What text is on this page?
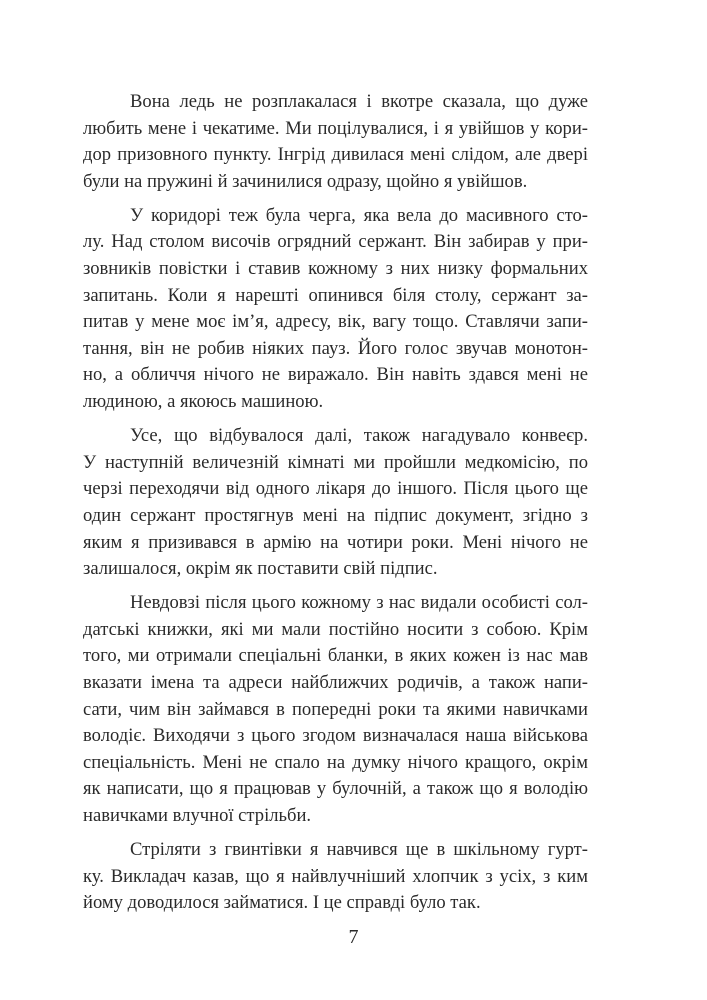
Вона ледь не розплакалася і вкотре сказала, що дуже
любить мене і чекатиме. Ми поцілувалися, і я увійшов у кори-
дор призовного пункту. Інгрід дивилася мені слідом, але двері
були на пружині й зачинилися одразу, щойно я увійшов.
У коридорі теж була черга, яка вела до масивного сто-
лу. Над столом височів огрядний сержант. Він забирав у при-
зовників повістки і ставив кожному з них низку формальних
запитань. Коли я нарешті опинився біля столу, сержант за-
питав у мене моє ім’я, адресу, вік, вагу тощо. Ставлячи запи-
тання, він не робив ніяких пауз. Його голос звучав монотон-
но, а обличчя нічого не виражало. Він навіть здався мені не
людиною, а якоюсь машиною.
Усе, що відбувалося далі, також нагадувало конвеєр.
У наступній величезній кімнаті ми пройшли медкомісію, по
черзі переходячи від одного лікаря до іншого. Після цього ще
один сержант простягнув мені на підпис документ, згідно з
яким я призивався в армію на чотири роки. Мені нічого не
залишалося, окрім як поставити свій підпис.
Невдовзі після цього кожному з нас видали особисті сол-
датські книжки, які ми мали постійно носити з собою. Крім
того, ми отримали спеціальні бланки, в яких кожен із нас мав
вказати імена та адреси найближчих родичів, а також напи-
сати, чим він займався в попередні роки та якими навичками
володіє. Виходячи з цього згодом визначалася наша військова
спеціальність. Мені не спало на думку нічого кращого, окрім
як написати, що я працював у булочній, а також що я володію
навичками влучної стрільби.
Стріляти з гвинтівки я навчився ще в шкільному гурт-
ку. Викладач казав, що я найвлучніший хлопчик з усіх, з ким
йому доводилося займатися. І це справді було так.
7
